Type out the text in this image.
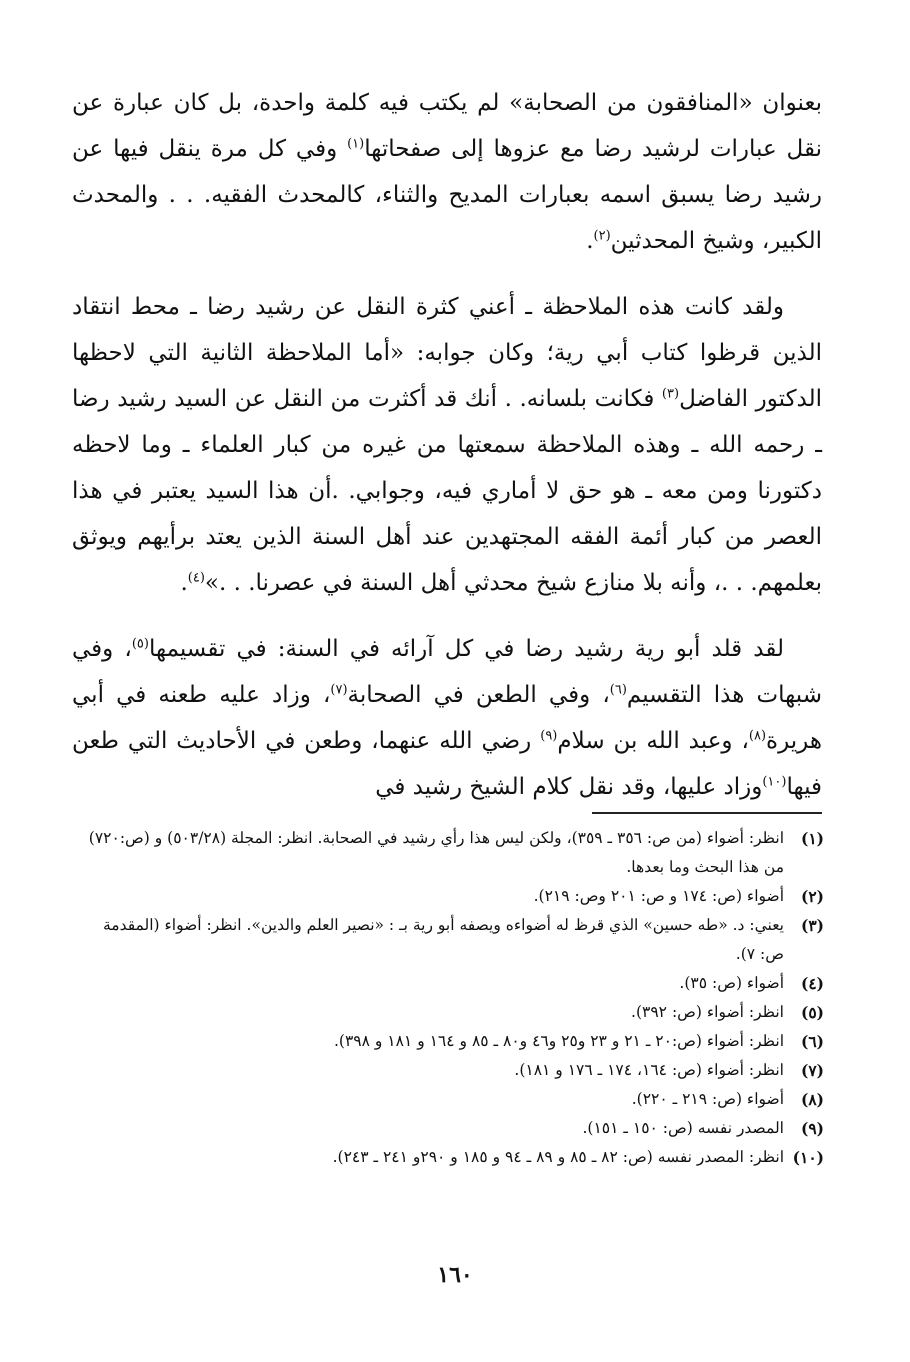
بعنوان «المنافقون من الصحابة» لم يكتب فيه كلمة واحدة، بل كان عبارة عن نقل عبارات لرشيد رضا مع عزوها إلى صفحاتها$^{(١)}$ وفي كل مرة ينقل فيها عن رشيد رضا يسبق اسمه بعبارات المديح والثناء، كالمحدث الفقيه. . . والمحدث الكبير، وشيخ المحدثين$^{(٢)}$.

ولقد كانت هذه الملاحظة ـ أعني كثرة النقل عن رشيد رضا ـ محط انتقاد الذين قرظوا كتاب أبي رية؛ وكان جوابه: «أما الملاحظة الثانية التي لاحظها الدكتور الفاضل$^{(٣)}$ فكانت بلسانه. . أنك قد أكثرت من النقل عن السيد رشيد رضا ـ رحمه الله ـ وهذه الملاحظة سمعتها من غيره من كبار العلماء ـ وما لاحظه دكتورنا ومن معه ـ هو حق لا أماري فيه، وجوابي. .أن هذا السيد يعتبر في هذا العصر من كبار أئمة الفقه المجتهدين عند أهل السنة الذين يعتد برأيهم ويوثق بعلمهم. . .، وأنه بلا منازع شيخ محدثي أهل السنة في عصرنا. . .»$^{(٤)}$.

لقد قلد أبو رية رشيد رضا في كل آرائه في السنة: في تقسيمها$^{(٥)}$، وفي شبهات هذا التقسيم$^{(٦)}$، وفي الطعن في الصحابة$^{(٧)}$، وزاد عليه طعنه في أبي هريرة$^{(٨)}$، وعبد الله بن سلام$^{(٩)}$ رضي الله عنهما، وطعن في الأحاديث التي طعن فيها$^{(١٠)}$وزاد عليها، وقد نقل كلام الشيخ رشيد في

(١)
انظر: أضواء (من ص: ٣٥٦ ـ ٣٥٩)، ولكن ليس هذا رأي رشيد في الصحابة. انظر: المجلة (٥٠٣/٢٨) و (ص:٧٢٠) من هذا البحث وما بعدها.
(٢)
أضواء (ص: ١٧٤ و ص: ٢٠١ وص: ٢١٩).
(٣)
يعني: د. «طه حسين» الذي قرظ له أضواءه ويصفه أبو رية بـ : «نصير العلم والدين». انظر: أضواء (المقدمة ص: ٧).
(٤)
أضواء (ص: ٣٥).
(٥)
انظر: أضواء (ص: ٣٩٢).
(٦)
انظر: أضواء (ص:٢٠ ـ ٢١ و ٢٣ و٢٥ و٤٦ و٨٠ ـ ٨٥ و ١٦٤ و ١٨١ و ٣٩٨).
(٧)
انظر: أضواء (ص: ١٦٤، ١٧٤ ـ ١٧٦ و ١٨١).
(٨)
أضواء (ص: ٢١٩ ـ ٢٢٠).
(٩)
المصدر نفسه (ص: ١٥٠ ـ ١٥١).
(١٠)
انظر: المصدر نفسه (ص: ٨٢ ـ ٨٥ و ٨٩ ـ ٩٤ و ١٨٥ و ٢٩٠و ٢٤١ ـ ٢٤٣).
١٦٠
